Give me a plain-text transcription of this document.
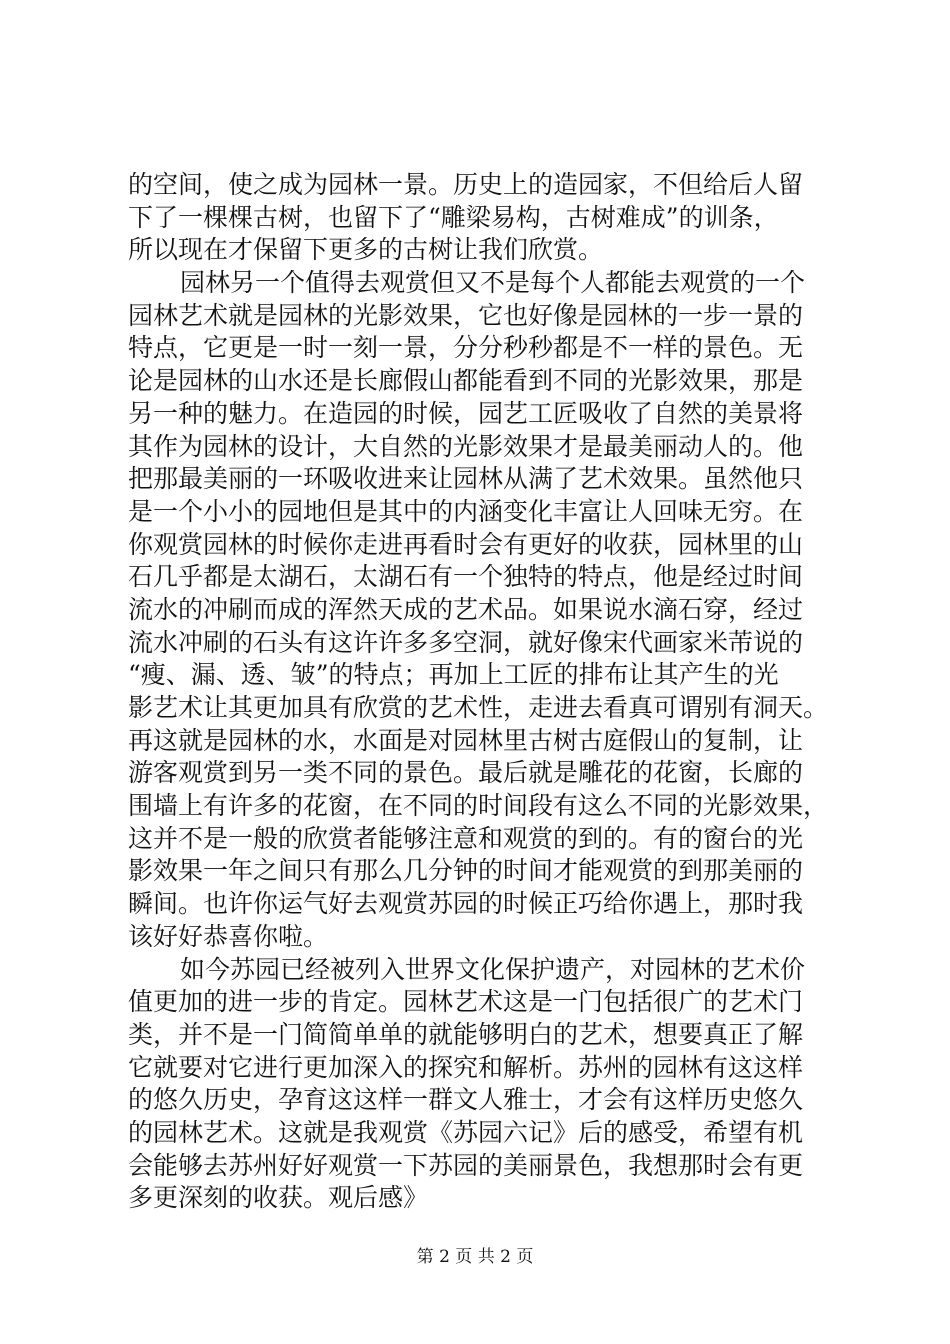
的空间，使之成为园林一景。历史上的造园家，不但给后人留
下了一棵棵古树，也留下了“雕梁易构，古树难成”的训条，
所以现在才保留下更多的古树让我们欣赏。
园林另一个值得去观赏但又不是每个人都能去观赏的一个
园林艺术就是园林的光影效果，它也好像是园林的一步一景的
特点，它更是一时一刻一景，分分秒秒都是不一样的景色。无
论是园林的山水还是长廊假山都能看到不同的光影效果，那是
另一种的魅力。在造园的时候，园艺工匠吸收了自然的美景将
其作为园林的设计，大自然的光影效果才是最美丽动人的。他
把那最美丽的一环吸收进来让园林从满了艺术效果。虽然他只
是一个小小的园地但是其中的内涵变化丰富让人回味无穷。在
你观赏园林的时候你走进再看时会有更好的收获，园林里的山
石几乎都是太湖石，太湖石有一个独特的特点，他是经过时间
流水的冲刷而成的浑然天成的艺术品。如果说水滴石穿，经过
流水冲刷的石头有这许许多多空洞，就好像宋代画家米芾说的
“瘦、漏、透、皱”的特点；再加上工匠的排布让其产生的光
影艺术让其更加具有欣赏的艺术性，走进去看真可谓别有洞天。
再这就是园林的水，水面是对园林里古树古庭假山的复制，让
游客观赏到另一类不同的景色。最后就是雕花的花窗，长廊的
围墙上有许多的花窗，在不同的时间段有这么不同的光影效果，
这并不是一般的欣赏者能够注意和观赏的到的。有的窗台的光
影效果一年之间只有那么几分钟的时间才能观赏的到那美丽的
瞬间。也许你运气好去观赏苏园的时候正巧给你遇上，那时我
该好好恭喜你啦。
如今苏园已经被列入世界文化保护遗产，对园林的艺术价
值更加的进一步的肯定。园林艺术这是一门包括很广的艺术门
类，并不是一门简简单单的就能够明白的艺术，想要真正了解
它就要对它进行更加深入的探究和解析。苏州的园林有这这样
的悠久历史，孕育这这样一群文人雅士，才会有这样历史悠久
的园林艺术。这就是我观赏《苏园六记》后的感受，希望有机
会能够去苏州好好观赏一下苏园的美丽景色，我想那时会有更
多更深刻的收获。观后感》
第 2 页 共 2 页
